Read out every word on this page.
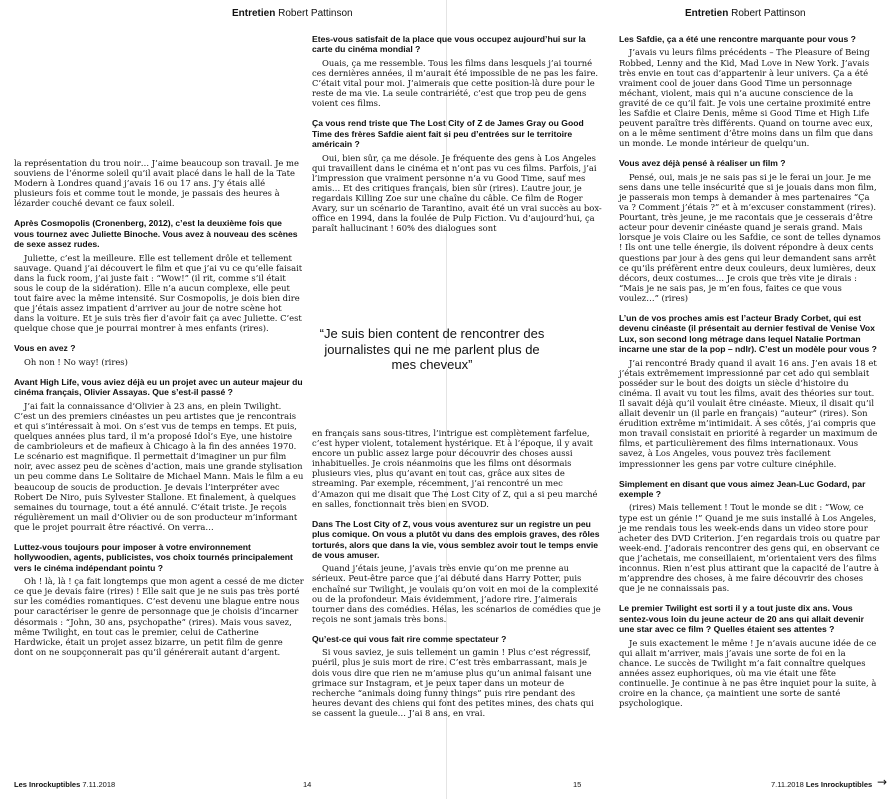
Entretien Robert Pattinson

la représentation du trou noir… J’aime beaucoup son travail. Je me souviens de l’énorme soleil qu’il avait placé dans le hall de la Tate Modern à Londres quand j’avais 16 ou 17 ans. J’y étais allé plusieurs fois et comme tout le monde, je passais des heures à lézarder couché devant ce faux soleil.

Après Cosmopolis (Cronenberg, 2012), c’est la deuxième fois que vous tournez avec Juliette Binoche. Vous avez à nouveau des scènes de sexe assez rudes.

Juliette, c’est la meilleure. Elle est tellement drôle et tellement sauvage. Quand j’ai découvert le film et que j’ai vu ce qu’elle faisait dans la fuck room, j’ai juste fait : “Wow!” (il rit, comme s’il était sous le coup de la sidération). Elle n’a aucun complexe, elle peut tout faire avec la même intensité. Sur Cosmopolis, je dois bien dire que j’étais assez impatient d’arriver au jour de notre scène hot dans la voiture. Et je suis très fier d’avoir fait ça avec Juliette. C’est quelque chose que je pourrai montrer à mes enfants (rires).

Vous en avez ?

Oh non ! No way! (rires)

Avant High Life, vous aviez déjà eu un projet avec un auteur majeur du cinéma français, Olivier Assayas. Que s’est-il passé ?

J’ai fait la connaissance d’Olivier à 23 ans, en plein Twilight. C’est un des premiers cinéastes un peu artistes que je rencontrais et qui s’intéressait à moi. On s’est vus de temps en temps. Et puis, quelques années plus tard, il m’a proposé Idol’s Eye, une histoire de cambrioleurs et de mafieux à Chicago à la fin des années 1970. Le scénario est magnifique. Il permettait d’imaginer un pur film noir, avec assez peu de scènes d’action, mais une grande stylisation un peu comme dans Le Solitaire de Michael Mann. Mais le film a eu beaucoup de soucis de production. Je devais l’interpréter avec Robert De Niro, puis Sylvester Stallone. Et finalement, à quelques semaines du tournage, tout a été annulé. C’était triste. Je reçois régulièrement un mail d’Olivier ou de son producteur m’informant que le projet pourrait être réactivé. On verra…

Luttez-vous toujours pour imposer à votre environnement hollywoodien, agents, publicistes, vos choix tournés principalement vers le cinéma indépendant pointu ?

Oh ! là, là ! ça fait longtemps que mon agent a cessé de me dicter ce que je devais faire (rires) ! Elle sait que je ne suis pas très porté sur les comédies romantiques. C’est devenu une blague entre nous pour caractériser le genre de personnage que je choisis d’incarner désormais : “John, 30 ans, psychopathe” (rires). Mais vous savez, même Twilight, en tout cas le premier, celui de Catherine Hardwicke, était un projet assez bizarre, un petit film de genre dont on ne soupçonnerait pas qu’il générerait autant d’argent.

Les Inrockuptibles 7.11.2018	14
Etes-vous satisfait de la place que vous occupez aujourd’hui sur la carte du cinéma mondial ?

Ouais, ça me ressemble. Tous les films dans lesquels j’ai tourné ces dernières années, il m’aurait été impossible de ne pas les faire. C’était vital pour moi. J’aimerais que cette position-là dure pour le reste de ma vie. La seule contrariété, c’est que trop peu de gens voient ces films.

Ça vous rend triste que The Lost City of Z de James Gray ou Good Time des frères Safdie aient fait si peu d’entrées sur le territoire américain ?

Oui, bien sûr, ça me désole. Je fréquente des gens à Los Angeles qui travaillent dans le cinéma et n’ont pas vu ces films. Parfois, j’ai l’impression que vraiment personne n’a vu Good Time, sauf mes amis… Et des critiques français, bien sûr (rires). L’autre jour, je regardais Killing Zoe sur une chaîne du câble. Ce film de Roger Avary, sur un scénario de Tarantino, avait été un vrai succès au box-office en 1994, dans la foulée de Pulp Fiction. Vu d’aujourd’hui, ça paraît hallucinant ! 60% des dialogues sont

“Je suis bien content de rencontrer des journalistes qui ne me parlent plus de mes cheveux”

en français sans sous-titres, l’intrigue est complètement farfelue, c’est hyper violent, totalement hystérique. Et à l’époque, il y avait encore un public assez large pour découvrir des choses aussi inhabituelles. Je crois néanmoins que les films ont désormais plusieurs vies, plus qu’avant en tout cas, grâce aux sites de streaming. Par exemple, récemment, j’ai rencontré un mec d’Amazon qui me disait que The Lost City of Z, qui a si peu marché en salles, fonctionnait très bien en SVOD.

Dans The Lost City of Z, vous vous aventurez sur un registre un peu plus comique. On vous a plutôt vu dans des emplois graves, des rôles torturés, alors que dans la vie, vous semblez avoir tout le temps envie de vous amuser.

Quand j’étais jeune, j’avais très envie qu’on me prenne au sérieux. Peut-être parce que j’ai débuté dans Harry Potter, puis enchaîné sur Twilight, je voulais qu’on voit en moi de la complexité ou de la profondeur. Mais évidemment, j’adore rire. J’aimerais tourner dans des comédies. Hélas, les scénarios de comédies que je reçois ne sont jamais très bons.

Qu’est-ce qui vous fait rire comme spectateur ?

Si vous saviez, je suis tellement un gamin ! Plus c’est régressif, puéril, plus je suis mort de rire. C’est très embarrassant, mais je dois vous dire que rien ne m’amuse plus qu’un animal faisant une grimace sur Instagram, et je peux taper dans un moteur de recherche “animals doing funny things” puis rire pendant des heures devant des chiens qui font des petites mines, des chats qui se cassent la gueule… J’ai 8 ans, en vrai.

Entretien Robert Pattinson
Les Safdie, ça a été une rencontre marquante pour vous ?

J’avais vu leurs films précédents – The Pleasure of Being Robbed, Lenny and the Kid, Mad Love in New York. J’avais très envie en tout cas d’appartenir à leur univers. Ça a été vraiment cool de jouer dans Good Time un personnage méchant, violent, mais qui n’a aucune conscience de la gravité de ce qu’il fait. Je vois une certaine proximité entre les Safdie et Claire Denis, même si Good Time et High Life peuvent paraître très différents. Quand on tourne avec eux, on a le même sentiment d’être moins dans un film que dans un monde. Le monde intérieur de quelqu’un.

Vous avez déjà pensé à réaliser un film ?

Pensé, oui, mais je ne sais pas si je le ferai un jour. Je me sens dans une telle insécurité que si je jouais dans mon film, je passerais mon temps à demander à mes partenaires “Ça va ? Comment j’étais ?” et à m’excuser constamment (rires). Pourtant, très jeune, je me racontais que je cesserais d’être acteur pour devenir cinéaste quand je serais grand. Mais lorsque je vois Claire ou les Safdie, ce sont de telles dynamos ! Ils ont une telle énergie, ils doivent répondre à deux cents questions par jour à des gens qui leur demandent sans arrêt ce qu’ils préfèrent entre deux couleurs, deux lumières, deux décors, deux costumes… Je crois que très vite je dirais : “Mais je ne sais pas, je m’en fous, faites ce que vous voulez…” (rires)

L’un de vos proches amis est l’acteur Brady Corbet, qui est devenu cinéaste (il présentait au dernier festival de Venise Vox Lux, son second long métrage dans lequel Natalie Portman incarne une star de la pop – ndlr). C’est un modèle pour vous ?

J’ai rencontré Brady quand il avait 16 ans. J’en avais 18 et j’étais extrêmement impressionné par cet ado qui semblait posséder sur le bout des doigts un siècle d’histoire du cinéma. Il avait vu tout les films, avait des théories sur tout. Il savait déjà qu’il voulait être cinéaste. Mieux, il disait qu’il allait devenir un (il parle en français) “auteur” (rires). Son érudition extrême m’intimidait. À ses côtés, j’ai compris que mon travail consistait en priorité à regarder un maximum de films, et particulièrement des films internationaux. Vous savez, à Los Angeles, vous pouvez très facilement impressionner les gens par votre culture cinéphile.

Simplement en disant que vous aimez Jean-Luc Godard, par exemple ?

(rires) Mais tellement ! Tout le monde se dit : “Wow, ce type est un génie !” Quand je me suis installé à Los Angeles, je me rendais tous les week-ends dans un video store pour acheter des DVD Criterion. J’en regardais trois ou quatre par week-end. J’adorais rencontrer des gens qui, en observant ce que j’achetais, me conseillaient, m’orientaient vers des films inconnus. Rien n’est plus attirant que la capacité de l’autre à m’apprendre des choses, à me faire découvrir des choses que je ne connaissais pas.

Le premier Twilight est sorti il y a tout juste dix ans. Vous sentez-vous loin du jeune acteur de 20 ans qui allait devenir une star avec ce film ? Quelles étaient ses attentes ?

Je suis exactement le même ! Je n’avais aucune idée de ce qui allait m’arriver, mais j’avais une sorte de foi en la chance. Le succès de Twilight m’a fait connaître quelques années assez euphoriques, où ma vie était une fête continuelle. Je continue à ne pas être inquiet pour la suite, à croire en la chance, ça maintient une sorte de santé psychologique.

15	7.11.2018 Les Inrockuptibles →
